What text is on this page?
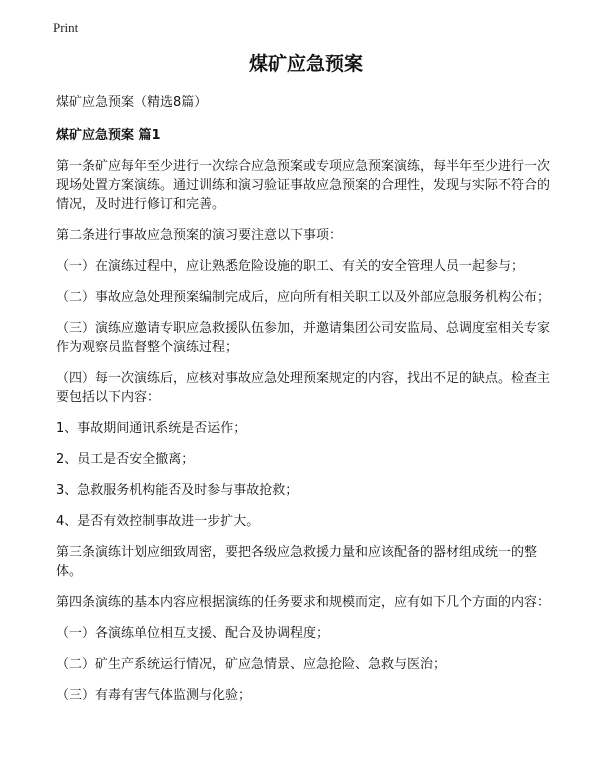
Print
煤矿应急预案

煤矿应急预案（精选8篇）

煤矿应急预案 篇1

第一条矿应每年至少进行一次综合应急预案或专项应急预案演练，每半年至少进行一次现场处置方案演练。通过训练和演习验证事故应急预案的合理性，发现与实际不符合的情况，及时进行修订和完善。

第二条进行事故应急预案的演习要注意以下事项：

（一）在演练过程中，应让熟悉危险设施的职工、有关的安全管理人员一起参与；

（二）事故应急处理预案编制完成后，应向所有相关职工以及外部应急服务机构公布；

（三）演练应邀请专职应急救援队伍参加，并邀请集团公司安监局、总调度室相关专家作为观察员监督整个演练过程；

（四）每一次演练后，应核对事故应急处理预案规定的内容，找出不足的缺点。检查主要包括以下内容：

1、事故期间通讯系统是否运作；

2、员工是否安全撤离；

3、急救服务机构能否及时参与事故抢救；

4、是否有效控制事故进一步扩大。

第三条演练计划应细致周密，要把各级应急救援力量和应该配备的器材组成统一的整体。

第四条演练的基本内容应根据演练的任务要求和规模而定，应有如下几个方面的内容：

（一）各演练单位相互支援、配合及协调程度；

（二）矿生产系统运行情况，矿应急情景、应急抢险、急救与医治；

（三）有毒有害气体监测与化验；
